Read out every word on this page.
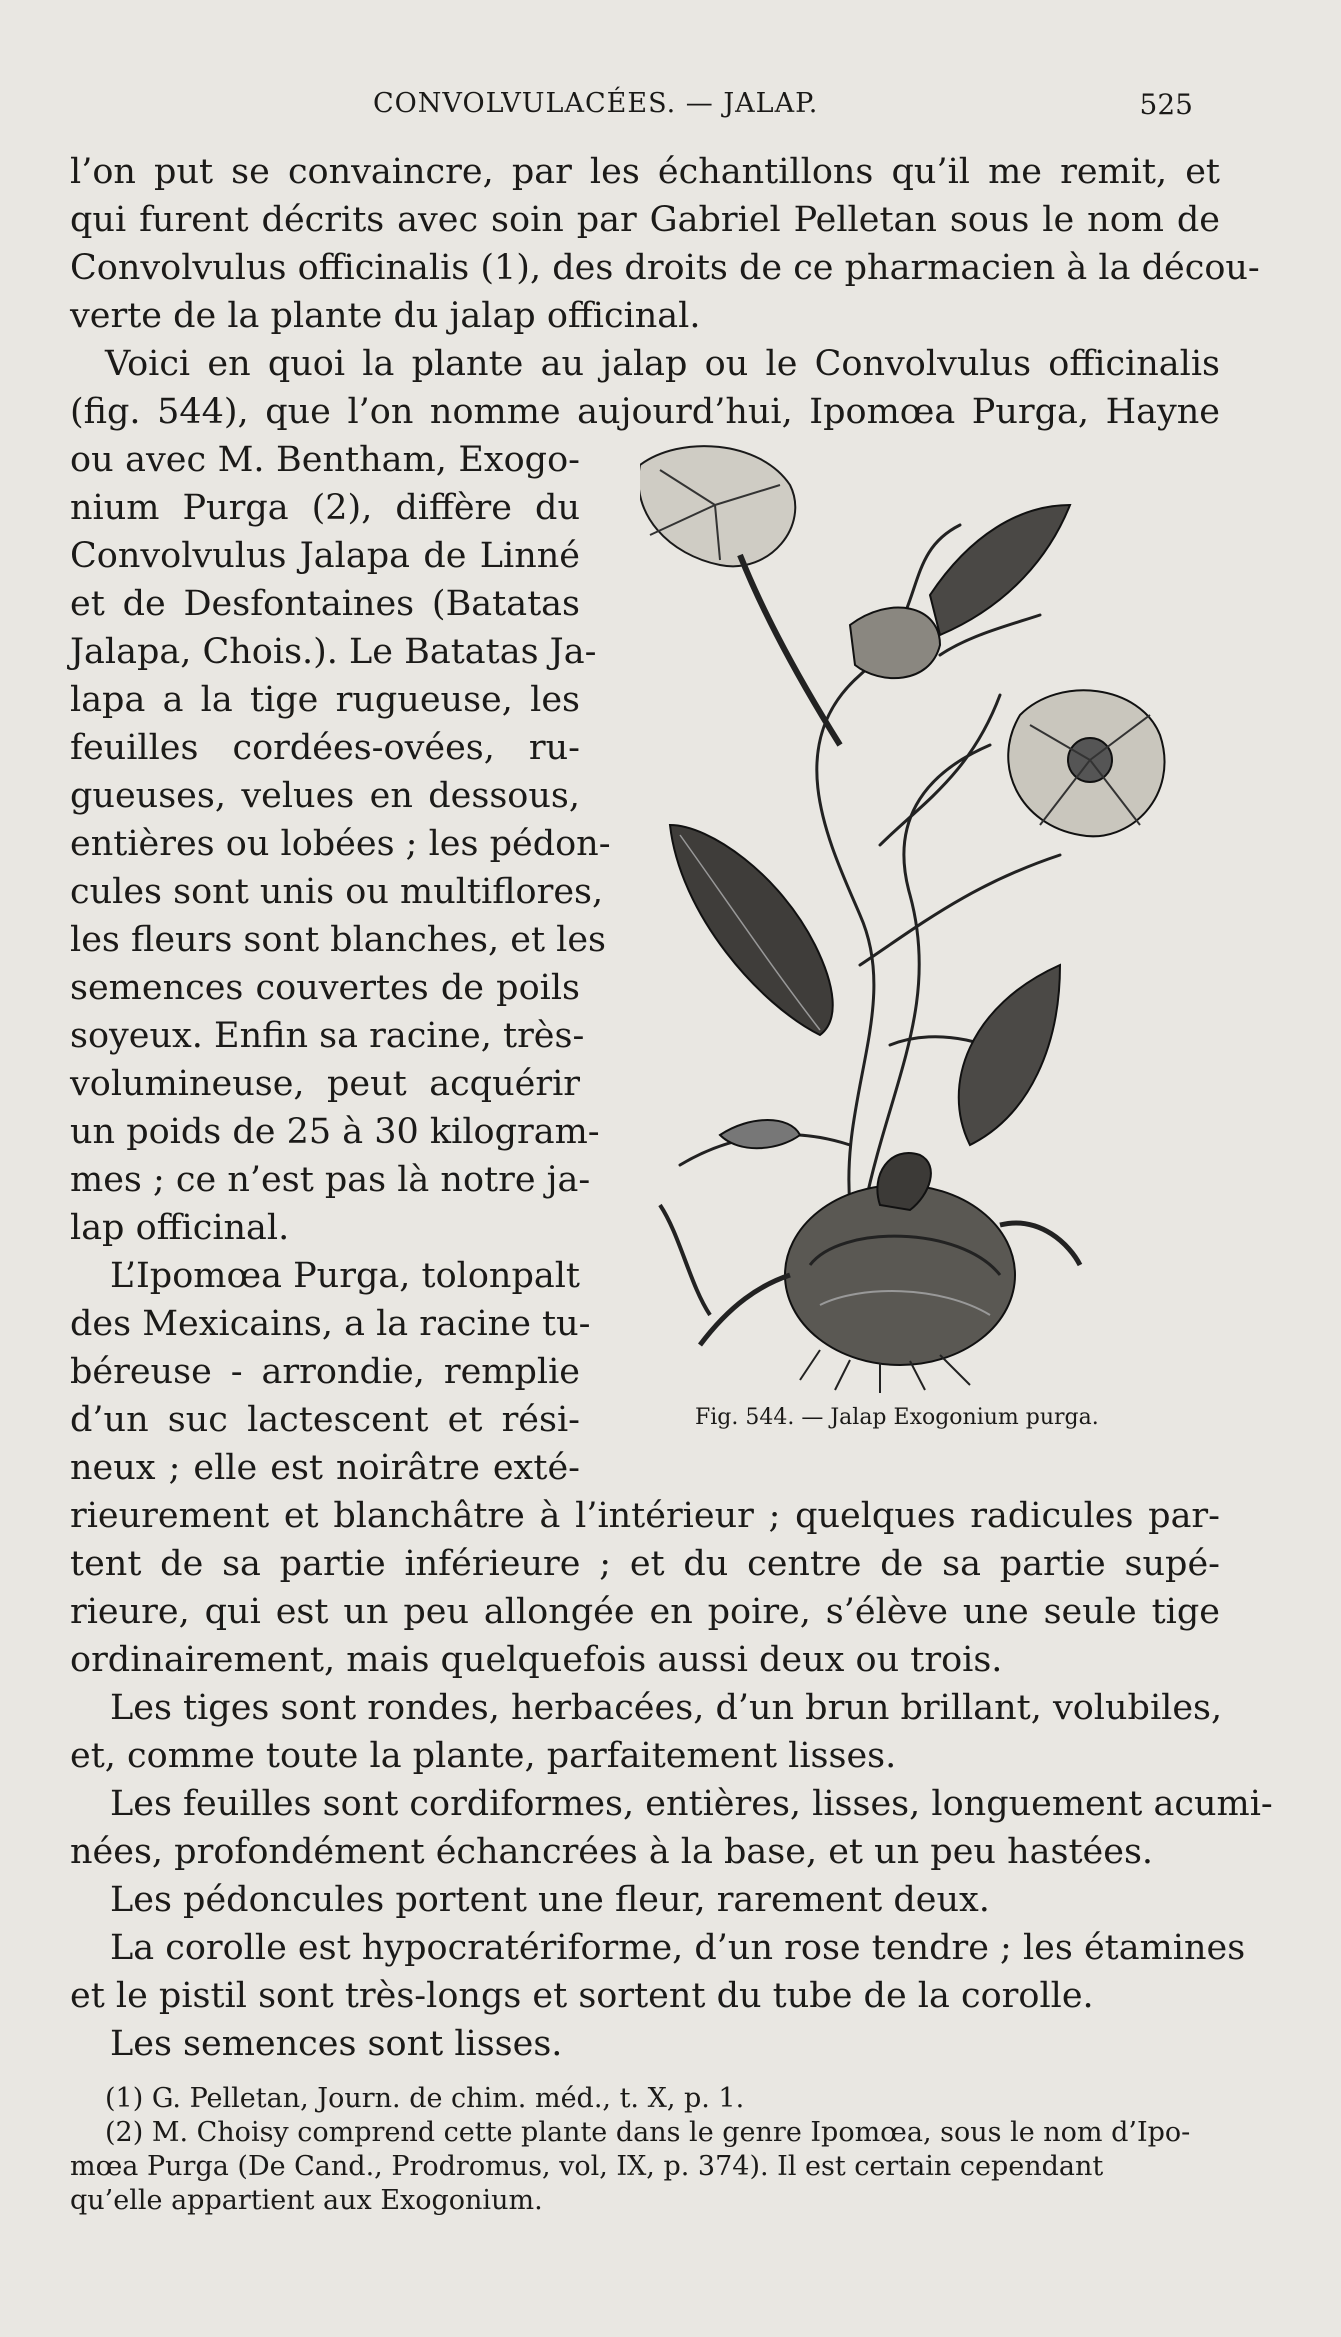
CONVOLVULACÉES. — JALAP.	525

l’on put se convaincre, par les échantillons qu’il me remit, et

qui furent décrits avec soin par Gabriel Pelletan sous le nom de

Convolvulus officinalis (1), des droits de ce pharmacien à la décou-

verte de la plante du jalap officinal.

Voici en quoi la plante au jalap ou le Convolvulus officinalis

(fig. 544), que l’on nomme aujourd’hui, Ipomœa Purga, Hayne

ou avec M. Bentham, Exogo-

nium Purga (2), diffère du

Convolvulus Jalapa de Linné

et de Desfontaines (Batatas

Jalapa, Chois.). Le Batatas Ja-

lapa a la tige rugueuse, les

feuilles cordées-ovées, ru-

gueuses, velues en dessous,

entières ou lobées ; les pédon-

cules sont unis ou multiflores,

les fleurs sont blanches, et les

semences couvertes de poils

soyeux. Enfin sa racine, très-

volumineuse, peut acquérir

un poids de 25 à 30 kilogram-

mes ; ce n’est pas là notre ja-

lap officinal.

L’Ipomœa Purga, tolonpalt

des Mexicains, a la racine tu-

béreuse - arrondie, remplie

d’un suc lactescent et rési-

neux ; elle est noirâtre exté-

rieurement et blanchâtre à l’intérieur ; quelques radicules par-

tent de sa partie inférieure ; et du centre de sa partie supé-

rieure, qui est un peu allongée en poire, s’élève une seule tige

ordinairement, mais quelquefois aussi deux ou trois.

Les tiges sont rondes, herbacées, d’un brun brillant, volubiles,

et, comme toute la plante, parfaitement lisses.

Les feuilles sont cordiformes, entières, lisses, longuement acumi-

nées, profondément échancrées à la base, et un peu hastées.

Les pédoncules portent une fleur, rarement deux.

La corolle est hypocratériforme, d’un rose tendre ; les étamines

et le pistil sont très-longs et sortent du tube de la corolle.

Les semences sont lisses.

Fig. 544. — Jalap Exogonium purga.

(1) G. Pelletan, Journ. de chim. méd., t. X, p. 1.

(2) M. Choisy comprend cette plante dans le genre Ipomœa, sous le nom d’Ipo-

mœa Purga (De Cand., Prodromus, vol, IX, p. 374). Il est certain cependant

qu’elle appartient aux Exogonium.
